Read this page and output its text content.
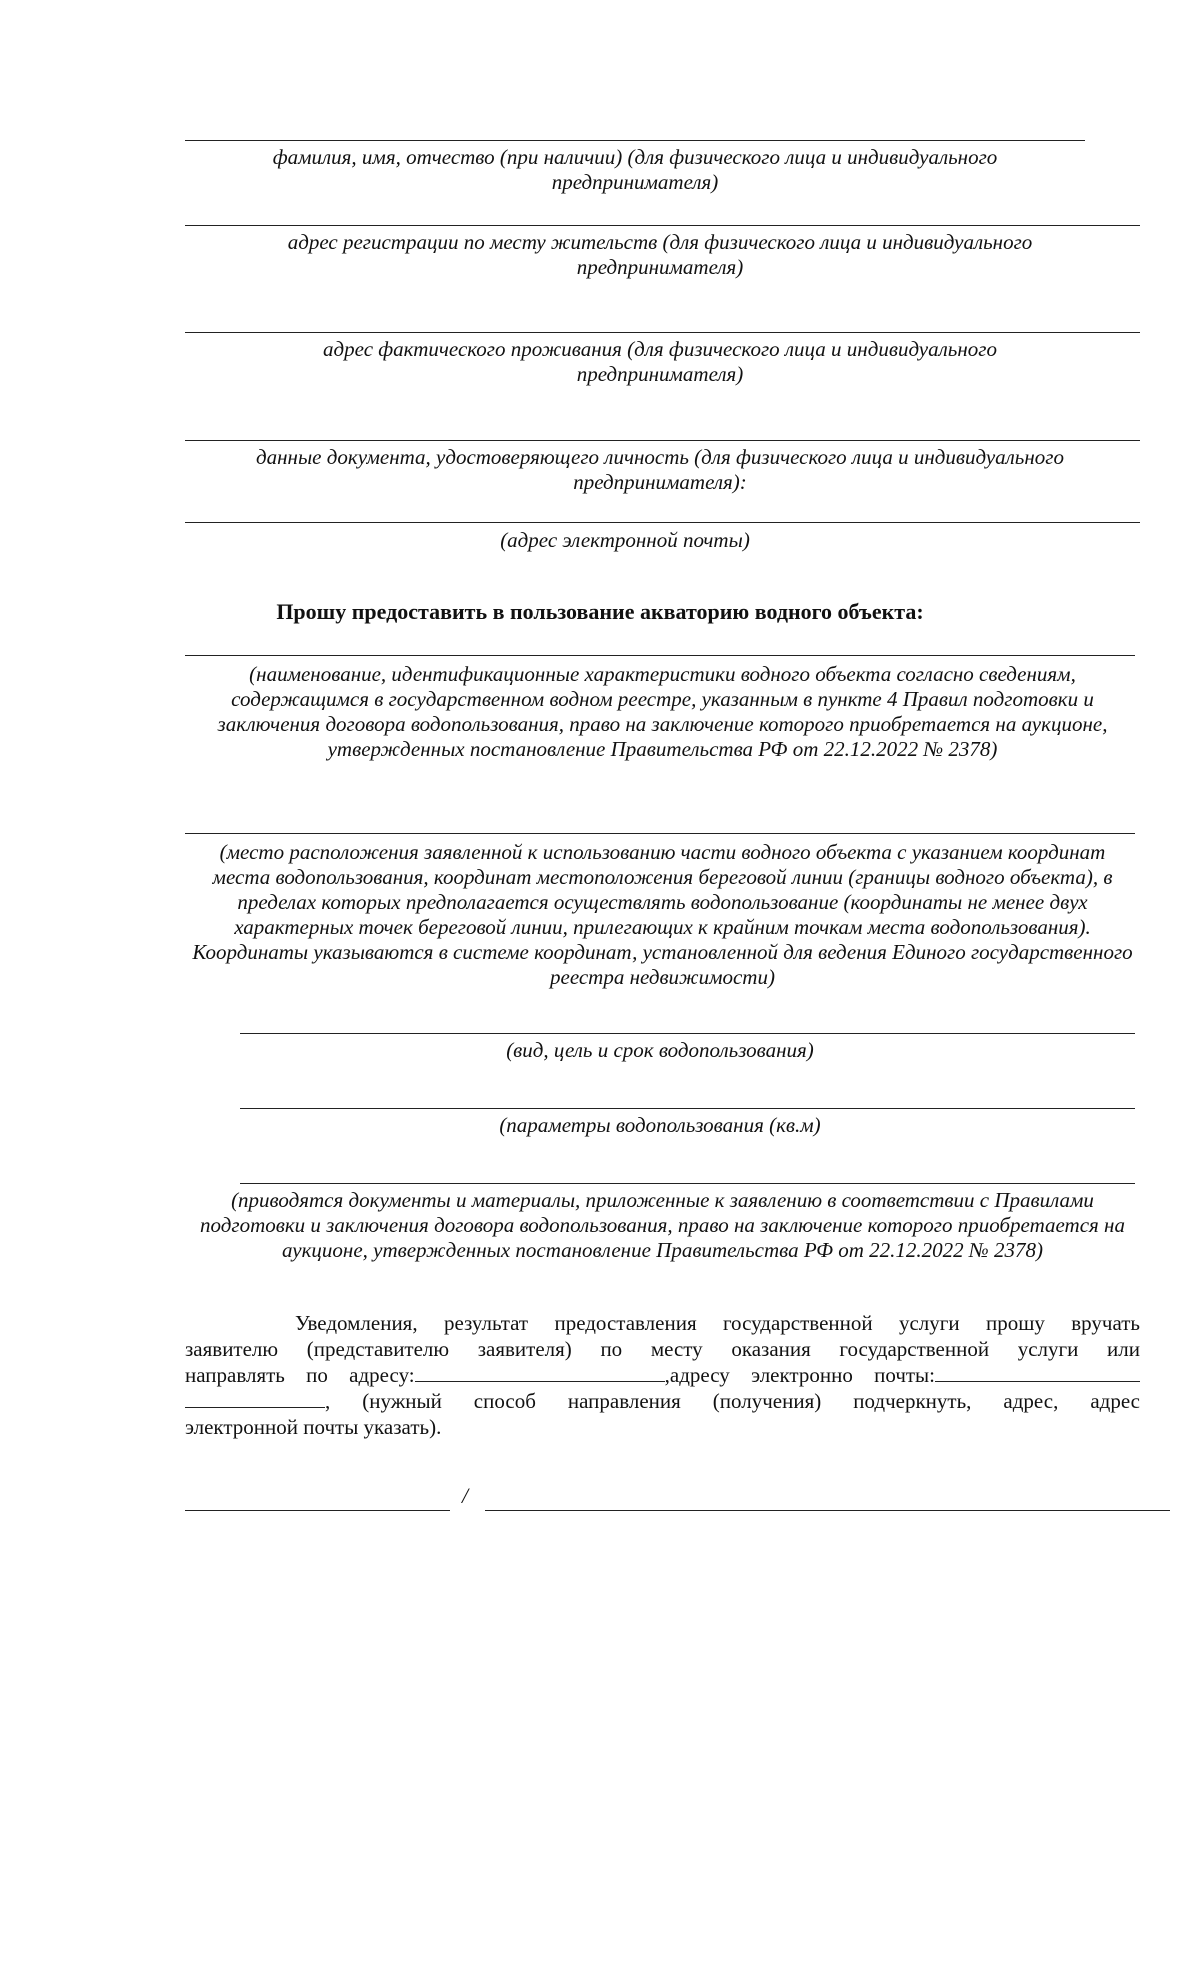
фамилия, имя, отчество (при наличии) (для физического лица и индивидуального предпринимателя)

адрес регистрации по месту жительств (для физического лица и индивидуального предпринимателя)

адрес фактического проживания (для физического лица и индивидуального предпринимателя)

данные документа, удостоверяющего личность (для физического лица и индивидуального предпринимателя):

(адрес электронной почты)

Прошу предоставить в пользование акваторию водного объекта:

(наименование, идентификационные характеристики водного объекта согласно сведениям, содержащимся в государственном водном реестре, указанным в пункте 4 Правил подготовки и заключения договора водопользования, право на заключение которого приобретается на аукционе, утвержденных постановление Правительства РФ от 22.12.2022 № 2378)

(место расположения заявленной к использованию части водного объекта с указанием координат места водопользования, координат местоположения береговой линии (границы водного объекта), в пределах которых предполагается осуществлять водопользование (координаты не менее двух характерных точек береговой линии, прилегающих к крайним точкам места водопользования). Координаты указываются в системе координат, установленной для ведения Единого государственного реестра недвижимости)

(вид, цель и срок водопользования)

(параметры водопользования (кв.м)

(приводятся документы и материалы, приложенные к заявлению в соответствии с Правилами подготовки и заключения договора водопользования, право на заключение которого приобретается на аукционе, утвержденных постановление Правительства РФ от 22.12.2022 № 2378)

Уведомления, результат предоставления государственной услуги прошу вручать
заявителю (представителю заявителя) по месту оказания государственной услуги или
направлять по адресу:	,адресу электронно почты:
, (нужный способ направления (получения) подчеркнуть, адрес, адрес
электронной почты указать).
/
